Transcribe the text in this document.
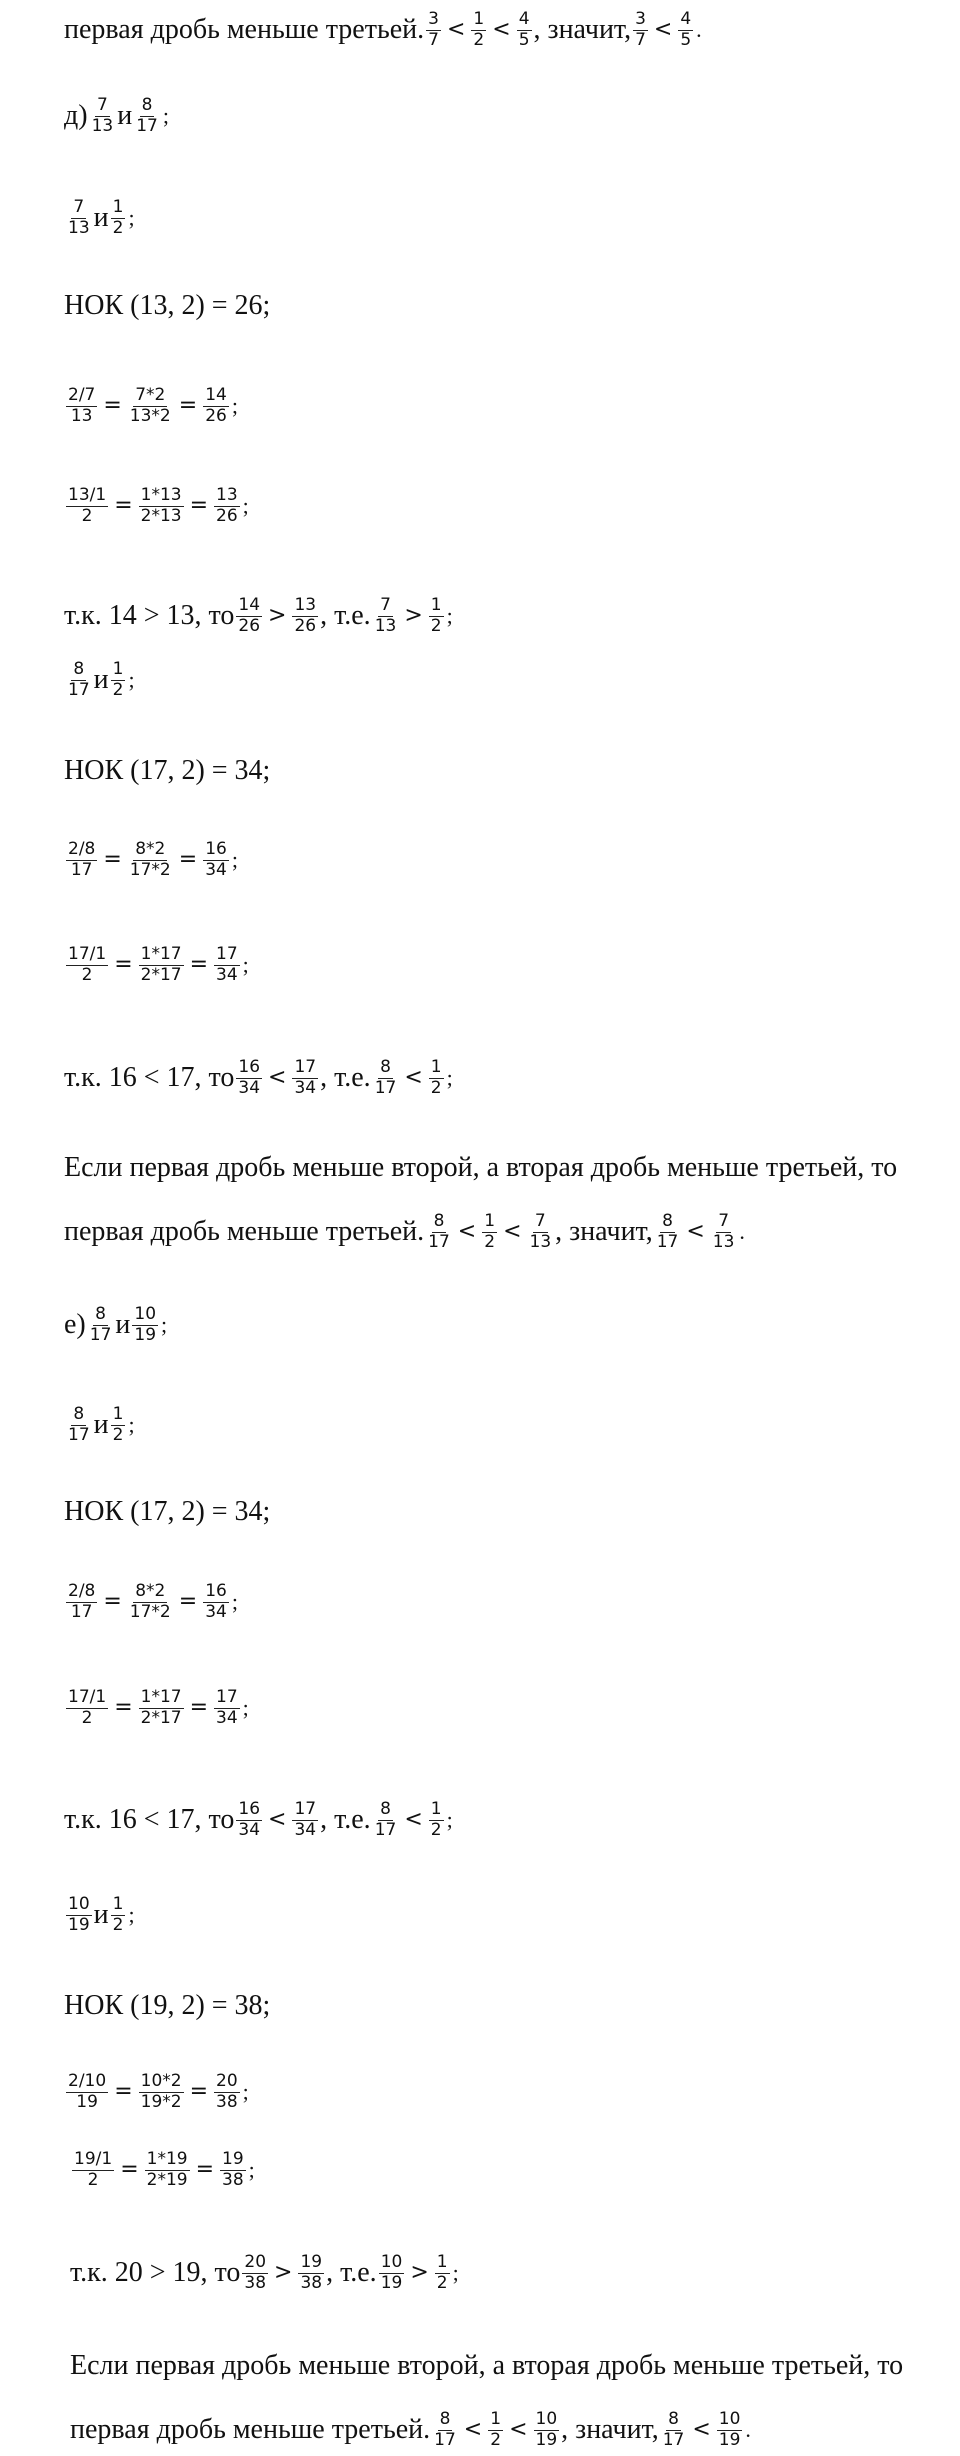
первая дробь меньше третьей. $\frac{3}{7} < \frac{1}{2} < \frac{4}{5}$ , значит, $\frac{3}{7} < \frac{4}{5}$ .
$д) \frac{7}{13}$ и $\frac{8}{17}$ ;
$\frac{7}{13}$ и $\frac{1}{2}$ ;
НОК (13, 2) = 26;
$\frac{2/7}{13} = \frac{7*2}{13*2} = \frac{14}{26}$ ;
$\frac{13/1}{2} = \frac{1*13}{2*13} = \frac{13}{26}$ ;
т.к. 14 > 13, то $\frac{14}{26} > \frac{13}{26}$ , т.е. $\frac{7}{13} > \frac{1}{2}$ ;
$\frac{8}{17}$ и $\frac{1}{2}$ ;
НОК (17, 2) = 34;
$\frac{2/8}{17} = \frac{8*2}{17*2} = \frac{16}{34}$ ;
$\frac{17/1}{2} = \frac{1*17}{2*17} = \frac{17}{34}$ ;
т.к. 16 < 17, то $\frac{16}{34} < \frac{17}{34}$ , т.е. $\frac{8}{17} < \frac{1}{2}$ ;
Если первая дробь меньше второй, а вторая дробь меньше третьей, то
первая дробь меньше третьей. $\frac{8}{17} < \frac{1}{2} < \frac{7}{13}$ , значит, $\frac{8}{17} < \frac{7}{13}$ .
$е) \frac{8}{17}$ и $\frac{10}{19}$ ;
$\frac{8}{17}$ и $\frac{1}{2}$ ;
НОК (17, 2) = 34;
$\frac{2/8}{17} = \frac{8*2}{17*2} = \frac{16}{34}$ ;
$\frac{17/1}{2} = \frac{1*17}{2*17} = \frac{17}{34}$ ;
т.к. 16 < 17, то $\frac{16}{34} < \frac{17}{34}$ , т.е. $\frac{8}{17} < \frac{1}{2}$ ;
$\frac{10}{19}$ и $\frac{1}{2}$ ;
НОК (19, 2) = 38;
$\frac{2/10}{19} = \frac{10*2}{19*2} = \frac{20}{38}$ ;
$\frac{19/1}{2} = \frac{1*19}{2*19} = \frac{19}{38}$ ;
т.к. 20 > 19, то $\frac{20}{38} > \frac{19}{38}$ , т.е. $\frac{10}{19} > \frac{1}{2}$ ;
Если первая дробь меньше второй, а вторая дробь меньше третьей, то
первая дробь меньше третьей. $\frac{8}{17} < \frac{1}{2} < \frac{10}{19}$ , значит, $\frac{8}{17} < \frac{10}{19}$ .
